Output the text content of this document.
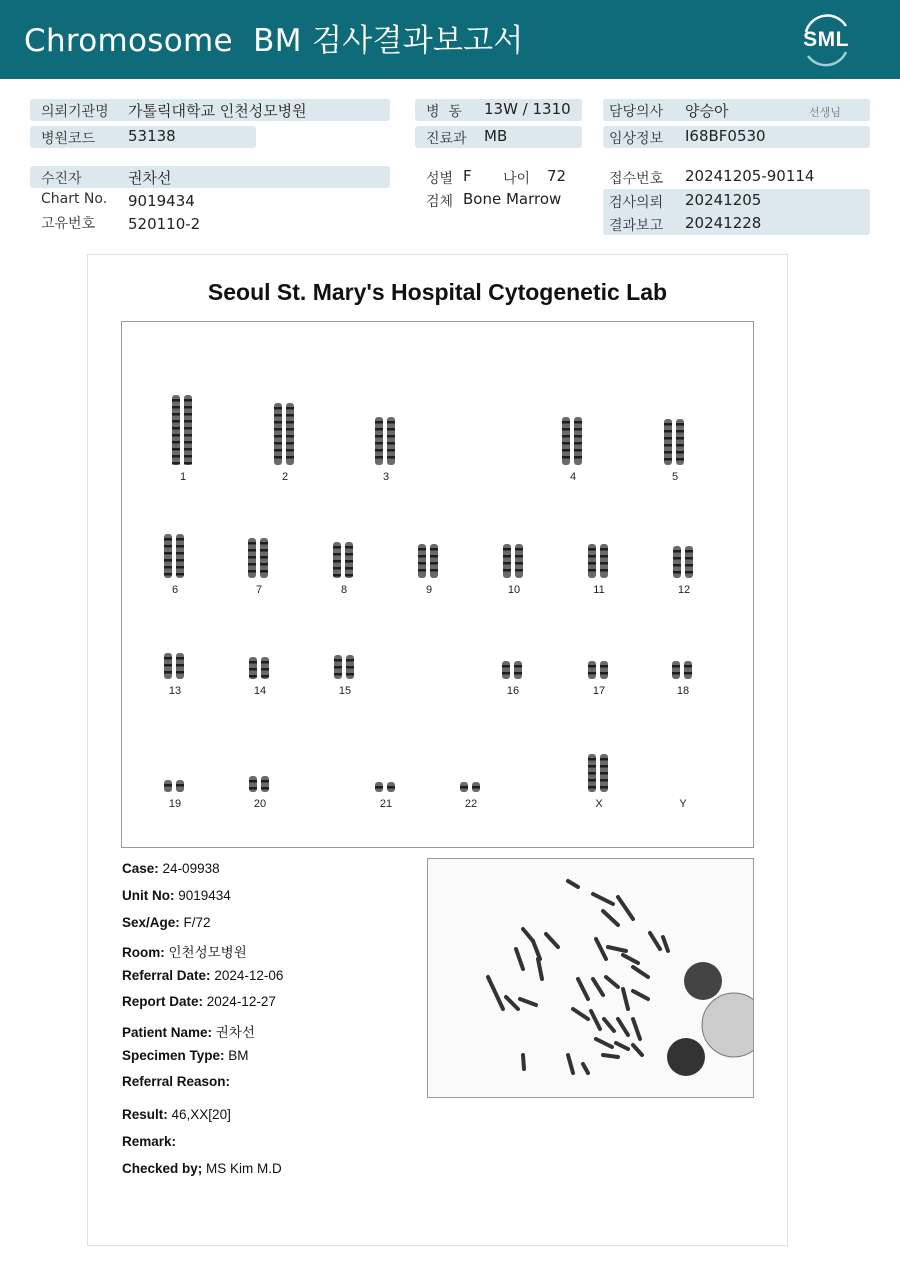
Chromosome  BM 검사결과보고서	SML
의뢰기관명 가톨릭대학교 인천성모병원
병원코드 53138
병  동 13W / 1310
진료과 MB
담당의사 양승아	선생님
임상정보 I68BF0530
수진자	권차선
Chart No. 9019434
고유번호 520110-2
성별 F 나이 72
검체 Bone Marrow
접수번호 20241205-90114
검사의뢰 20241205
결과보고 20241228
Seoul St. Mary's Hospital Cytogenetic Lab
1	2	3	4	5
6	7	8	9	10	11	12
13	14	15	16	17	18
19	20	21	22	X	Y
Case: 24-09938
Unit No: 9019434
Sex/Age: F/72
Room: 인천성모병원
Referral Date: 2024-12-06
Report Date: 2024-12-27
Patient Name: 권차선
Specimen Type: BM
Referral Reason:
Result: 46,XX[20]
Remark:
Checked by; MS Kim M.D
